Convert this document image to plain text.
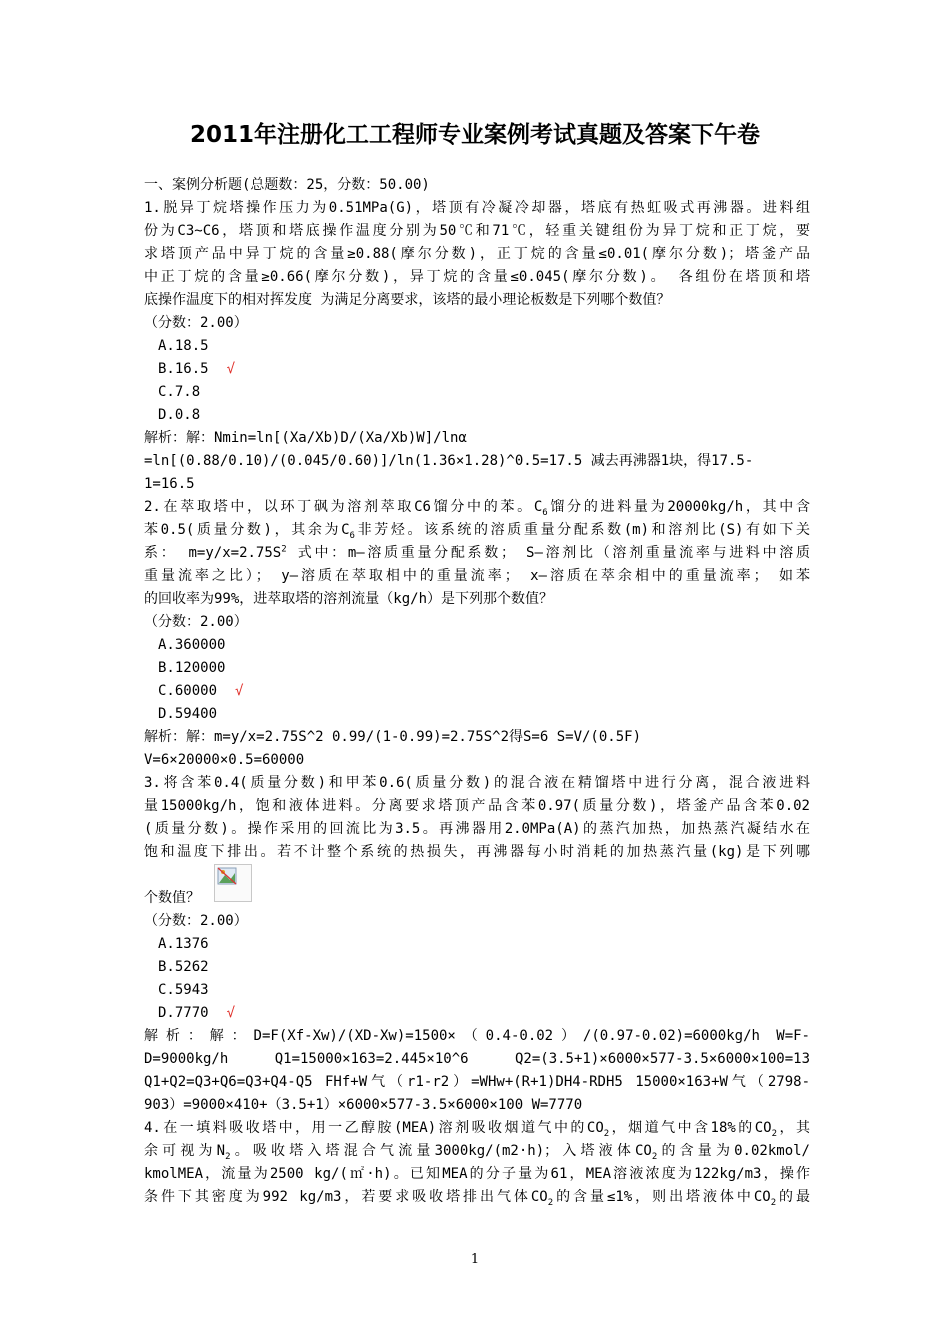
2011年注册化工工程师专业案例考试真题及答案下午卷
一、案例分析题(总题数：25，分数：50.00)
1.脱异丁烷塔操作压力为0.51MPa(G)，塔顶有冷凝冷却器，塔底有热虹吸式再沸器。进料组
份为C3~C6，塔顶和塔底操作温度分别为50℃和71℃，轻重关键组份为异丁烷和正丁烷，要
求塔顶产品中异丁烷的含量≥0.88(摩尔分数)，正丁烷的含量≤0.01(摩尔分数)；塔釜产品
中正丁烷的含量≥0.66(摩尔分数)，异丁烷的含量≤0.045(摩尔分数)。 各组份在塔顶和塔
底操作温度下的相对挥发度 为满足分离要求，该塔的最小理论板数是下列哪个数值？
（分数：2.00）
A.18.5
B.16.5 √
C.7.8
D.0.8
解析：解：Nmin=ln[(Xa/Xb)D/(Xa/Xb)W]/lnα
=ln[(0.88/0.10)/(0.045/0.60)]/ln(1.36×1.28)^0.5=17.5 减去再沸器1块，得17.5-
1=16.5
2.在萃取塔中，以环丁砜为溶剂萃取C6馏分中的苯。$C_6$馏分的进料量为20000kg/h，其中含
苯0.5(质量分数)，其余为$C_6$非芳烃。该系统的溶质重量分配系数(m)和溶剂比(S)有如下关
系： $m=y/x=2.75S^2$ 式中：m—溶质重量分配系数； S—溶剂比（溶剂重量流率与进料中溶质
重量流率之比）； y—溶质在萃取相中的重量流率； x—溶质在萃余相中的重量流率； 如苯
的回收率为99%，进萃取塔的溶剂流量（kg/h）是下列那个数值？
（分数：2.00）
A.360000
B.120000
C.60000 √
D.59400
解析：解：m=y/x=2.75S^2 0.99/(1-0.99)=2.75S^2得S=6 S=V/(0.5F)
V=6×20000×0.5=60000
3.将含苯0.4(质量分数)和甲苯0.6(质量分数)的混合液在精馏塔中进行分离，混合液进料
量15000kg/h，饱和液体进料。分离要求塔顶产品含苯0.97(质量分数)，塔釜产品含苯0.02
(质量分数)。操作采用的回流比为3.5。再沸器用2.0MPa(A)的蒸汽加热，加热蒸汽凝结水在
饱和温度下排出。若不计整个系统的热损失，再沸器每小时消耗的加热蒸汽量(kg)是下列哪
个数值？
（分数：2.00）
A.1376
B.5262
C.5943
D.7770 √
解析：解：D=F(Xf-Xw)/(XD-Xw)=1500×（0.4-0.02）/(0.97-0.02)=6000kg/h W=F-
D=9000kg/h Q1=15000×163=2.445×10^6 Q2=(3.5+1)×6000×577-3.5×6000×100=13
Q1+Q2=Q3+Q6=Q3+Q4-Q5 FHf+W气（r1-r2）=WHw+(R+1)DH4-RDH5 15000×163+W气（2798-
903）=9000×410+（3.5+1）×6000×577-3.5×6000×100 W=7770
4.在一填料吸收塔中，用一乙醇胺(MEA)溶剂吸收烟道气中的$CO_2$，烟道气中含18%的$CO_2$，其
余可视为$N_2$。吸收塔入塔混合气流量3000kg/(m2·h)；入塔液体$CO_2$的含量为0.02kmol/
kmolMEA，流量为2500 kg/(㎡·h)。已知MEA的分子量为61，MEA溶液浓度为122kg/m3，操作
条件下其密度为992 kg/m3，若要求吸收塔排出气体$CO_2$的含量≤1%，则出塔液体中$CO_2$的最
1
